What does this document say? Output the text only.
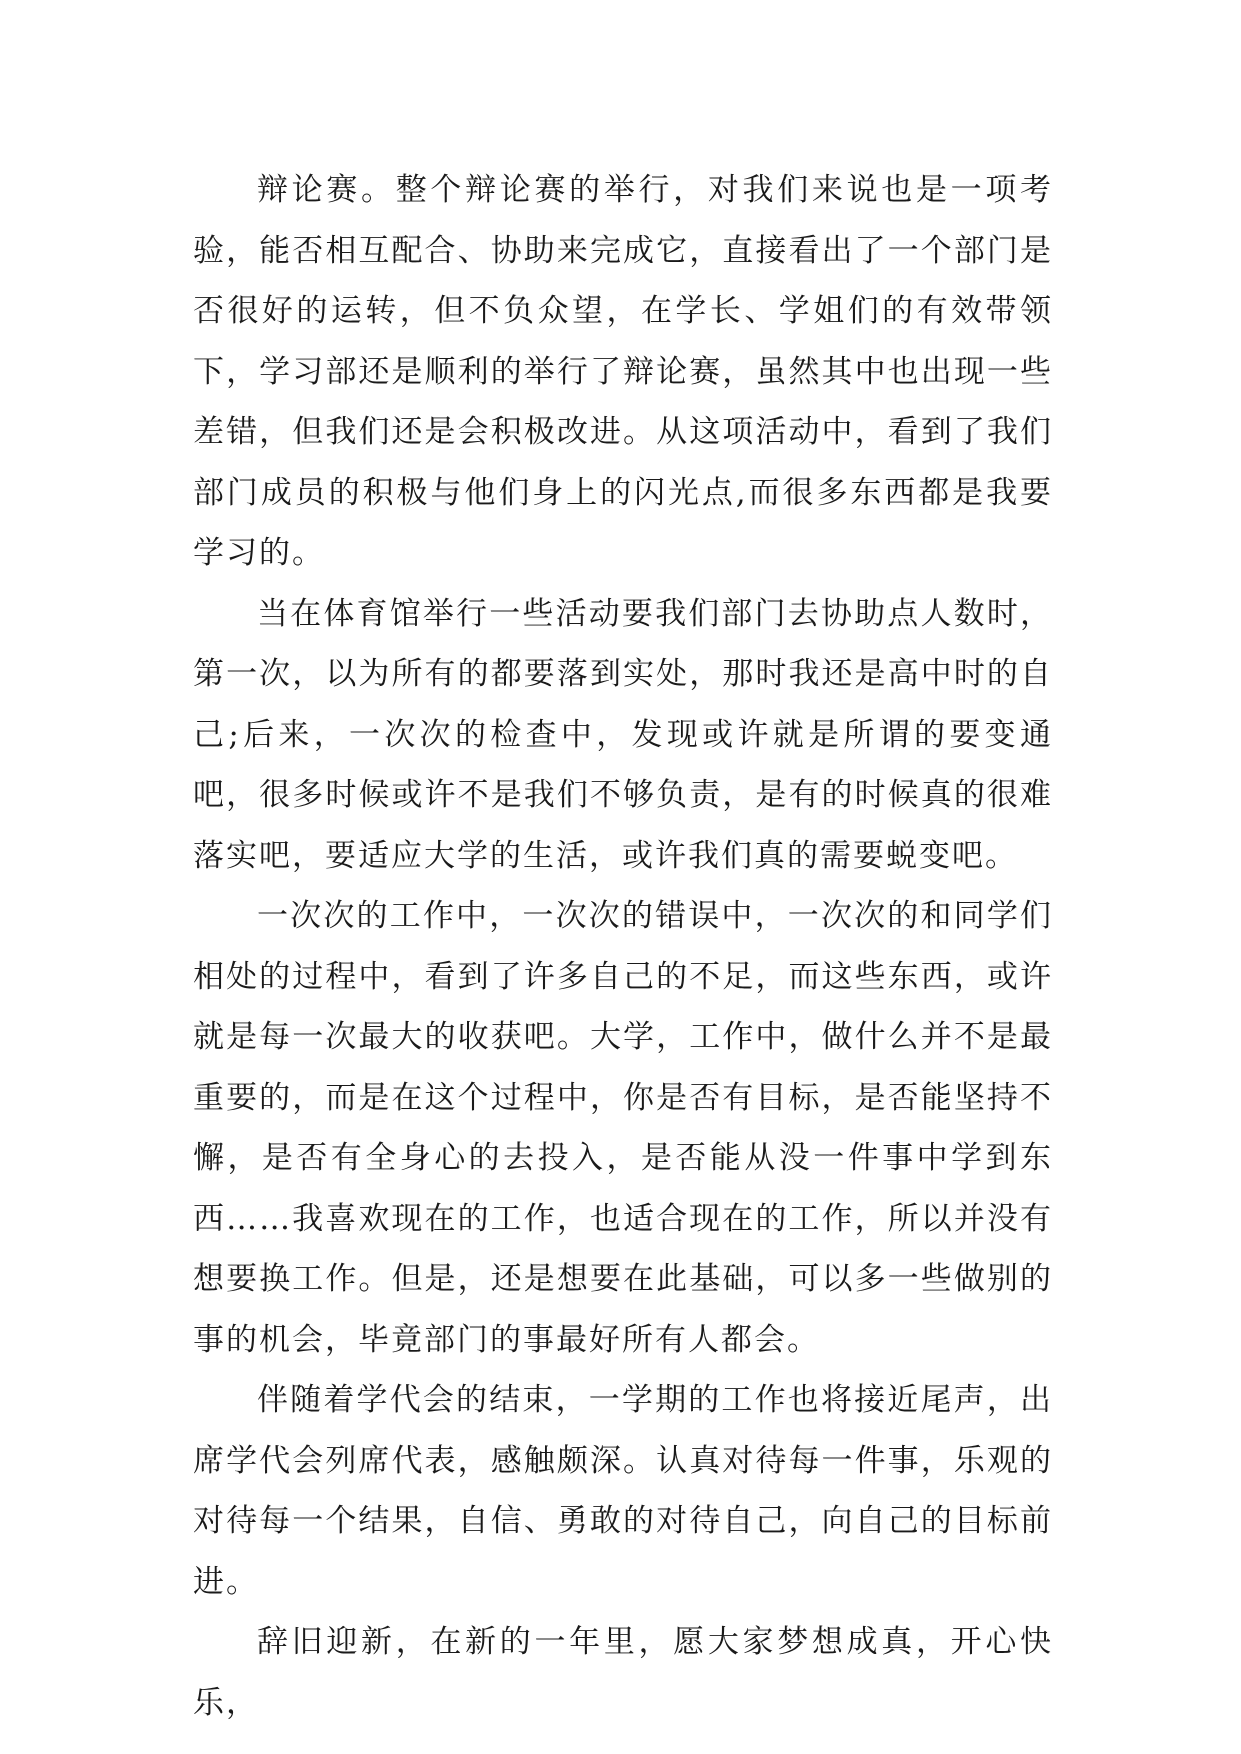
辩论赛。整个辩论赛的举行，对我们来说也是一项考验，能否相互配合、协助来完成它，直接看出了一个部门是否很好的运转，但不负众望，在学长、学姐们的有效带领下，学习部还是顺利的举行了辩论赛，虽然其中也出现一些差错，但我们还是会积极改进。从这项活动中，看到了我们部门成员的积极与他们身上的闪光点,而很多东西都是我要学习的。

当在体育馆举行一些活动要我们部门去协助点人数时，第一次，以为所有的都要落到实处，那时我还是高中时的自己;后来，一次次的检查中，发现或许就是所谓的要变通吧，很多时候或许不是我们不够负责，是有的时候真的很难落实吧，要适应大学的生活，或许我们真的需要蜕变吧。

一次次的工作中，一次次的错误中，一次次的和同学们相处的过程中，看到了许多自己的不足，而这些东西，或许就是每一次最大的收获吧。大学，工作中，做什么并不是最重要的，而是在这个过程中，你是否有目标，是否能坚持不懈，是否有全身心的去投入，是否能从没一件事中学到东西……我喜欢现在的工作，也适合现在的工作，所以并没有想要换工作。但是，还是想要在此基础，可以多一些做别的事的机会，毕竟部门的事最好所有人都会。

伴随着学代会的结束，一学期的工作也将接近尾声，出席学代会列席代表，感触颇深。认真对待每一件事，乐观的对待每一个结果，自信、勇敢的对待自己，向自己的目标前进。

辞旧迎新，在新的一年里，愿大家梦想成真，开心快乐，
